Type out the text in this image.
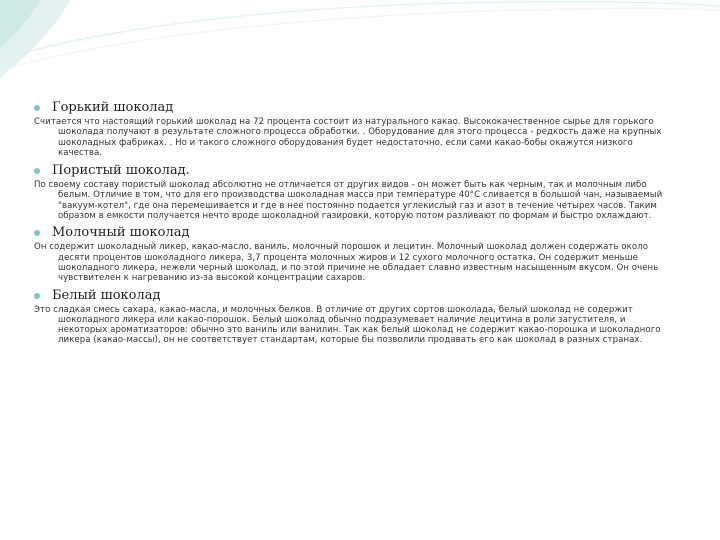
Горький шоколад

Считается что настоящий горький шоколад на 72 процента состоит из натурального какао. Высококачественное сырье для горького шоколада получают в результате сложного процесса обработки. . Оборудование для этого процесса - редкость даже на крупных шоколадных фабриках. . Но и такого сложного оборудования будет недостаточно, если сами какао-бобы окажутся низкого качества.

Пористый шоколад.

По своему составу пористый шоколад абсолютно не отличается от других видов - он может быть как черным, так и молочным либо белым. Отличие в том, что для его производства шоколадная масса при температуре 40°С сливается в большой чан, называемый "вакуум-котел", где она перемешивается и где в нее постоянно подается углекислый газ и азот в течение четырех часов. Таким образом в емкости получается нечто вроде шоколадной газировки, которую потом разливают по формам и быстро охлаждают.

Молочный шоколад

Он содержит шоколадный ликер, какао-масло, ваниль, молочный порошок и лецитин. Молочный шоколад должен содержать около десяти процентов шоколадного ликера, 3,7 процента молочных жиров и 12 сухого молочного остатка. Он содержит меньше шоколадного ликера, нежели черный шоколад, и по этой причине не обладает славно известным насыщенным вкусом. Он очень чувствителен к нагреванию из-за высокой концентрации сахаров.

Белый шоколад

Это сладкая смесь сахара, какао-масла, и молочных белков. В отличие от других сортов шоколада, белый шоколад не содержит шоколадного ликера или какао-порошок. Белый шоколад обычно подразумевает наличие лецитина в роли загустителя, и некоторых ароматизаторов: обычно это ваниль или ванилин. Так как белый шоколад не содержит какао-порошка и шоколадного ликера (какао-массы), он не соответствует стандартам, которые бы позволили продавать его как шоколад в разных странах.
